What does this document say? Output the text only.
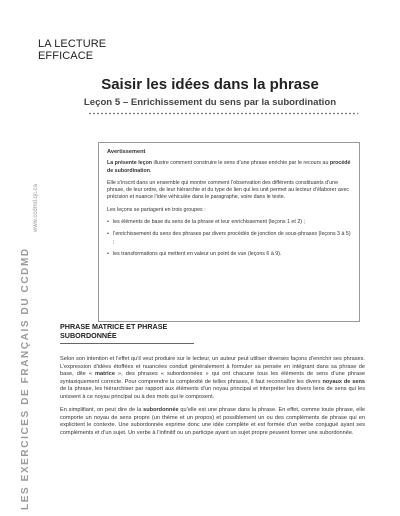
LA LECTURE
EFFICACE
LES EXERCICES DE FRANÇAIS DU CCDMD
www.ccdmd.qc.ca
Saisir les idées dans la phrase
Leçon 5 – Enrichissement du sens par la subordination
Avertissement

La présente leçon illustre comment construire le sens d’une phrase enrichie par le recours au procédé de subordination.

Elle s’inscrit dans un ensemble qui montre comment l’observation des différents constituants d’une phrase, de leur ordre, de leur hiérarchie et du type de lien qui les unit permet au lecteur d’élaborer avec précision et nuance l’idée véhiculée dans le paragraphe, voire dans le texte.

Les leçons se partagent en trois groupes :

• les éléments de base du sens de la phrase et leur enrichissement (leçons 1 et 2) ;
• l’enrichissement du sens des phrases par divers procédés de jonction de sous-phrases (leçons 3 à 5) ;
• les transformations qui mettent en valeur un point de vue (leçons 6 à 9).
PHRASE MATRICE ET PHRASE SUBORDONNÉE

Selon son intention et l’effet qu’il veut produire sur le lecteur, un auteur peut utiliser diverses façons d’enrichir ses phrases. L’expression d’idées étoffées et nuancées conduit généralement à formuler sa pensée en intégrant dans sa phrase de base, dite « matrice », des phrases « subordonnées » qui ont chacune tous les éléments de sens d’une phrase syntaxiquement correcte. Pour comprendre la complexité de telles phrases, il faut reconnaître les divers noyaux de sens de la phrase, les hiérarchiser par rapport aux éléments d’un noyau principal et interpréter les divers liens de sens qui les unissent à ce noyau principal ou à des mots qui le composent.

En simplifiant, on peut dire de la subordonnée qu’elle est une phrase dans la phrase. En effet, comme toute phrase, elle comporte un noyau de sens propre (un thème et un propos) et possiblement un ou des compléments de phrase qui en explicitent le contexte. Une subordonnée exprime donc une idée complète et est formée d’un verbe conjugué ayant ses compléments et d’un sujet. Un verbe à l’infinitif ou un participe ayant un sujet propre peuvent former une subordonnée.
